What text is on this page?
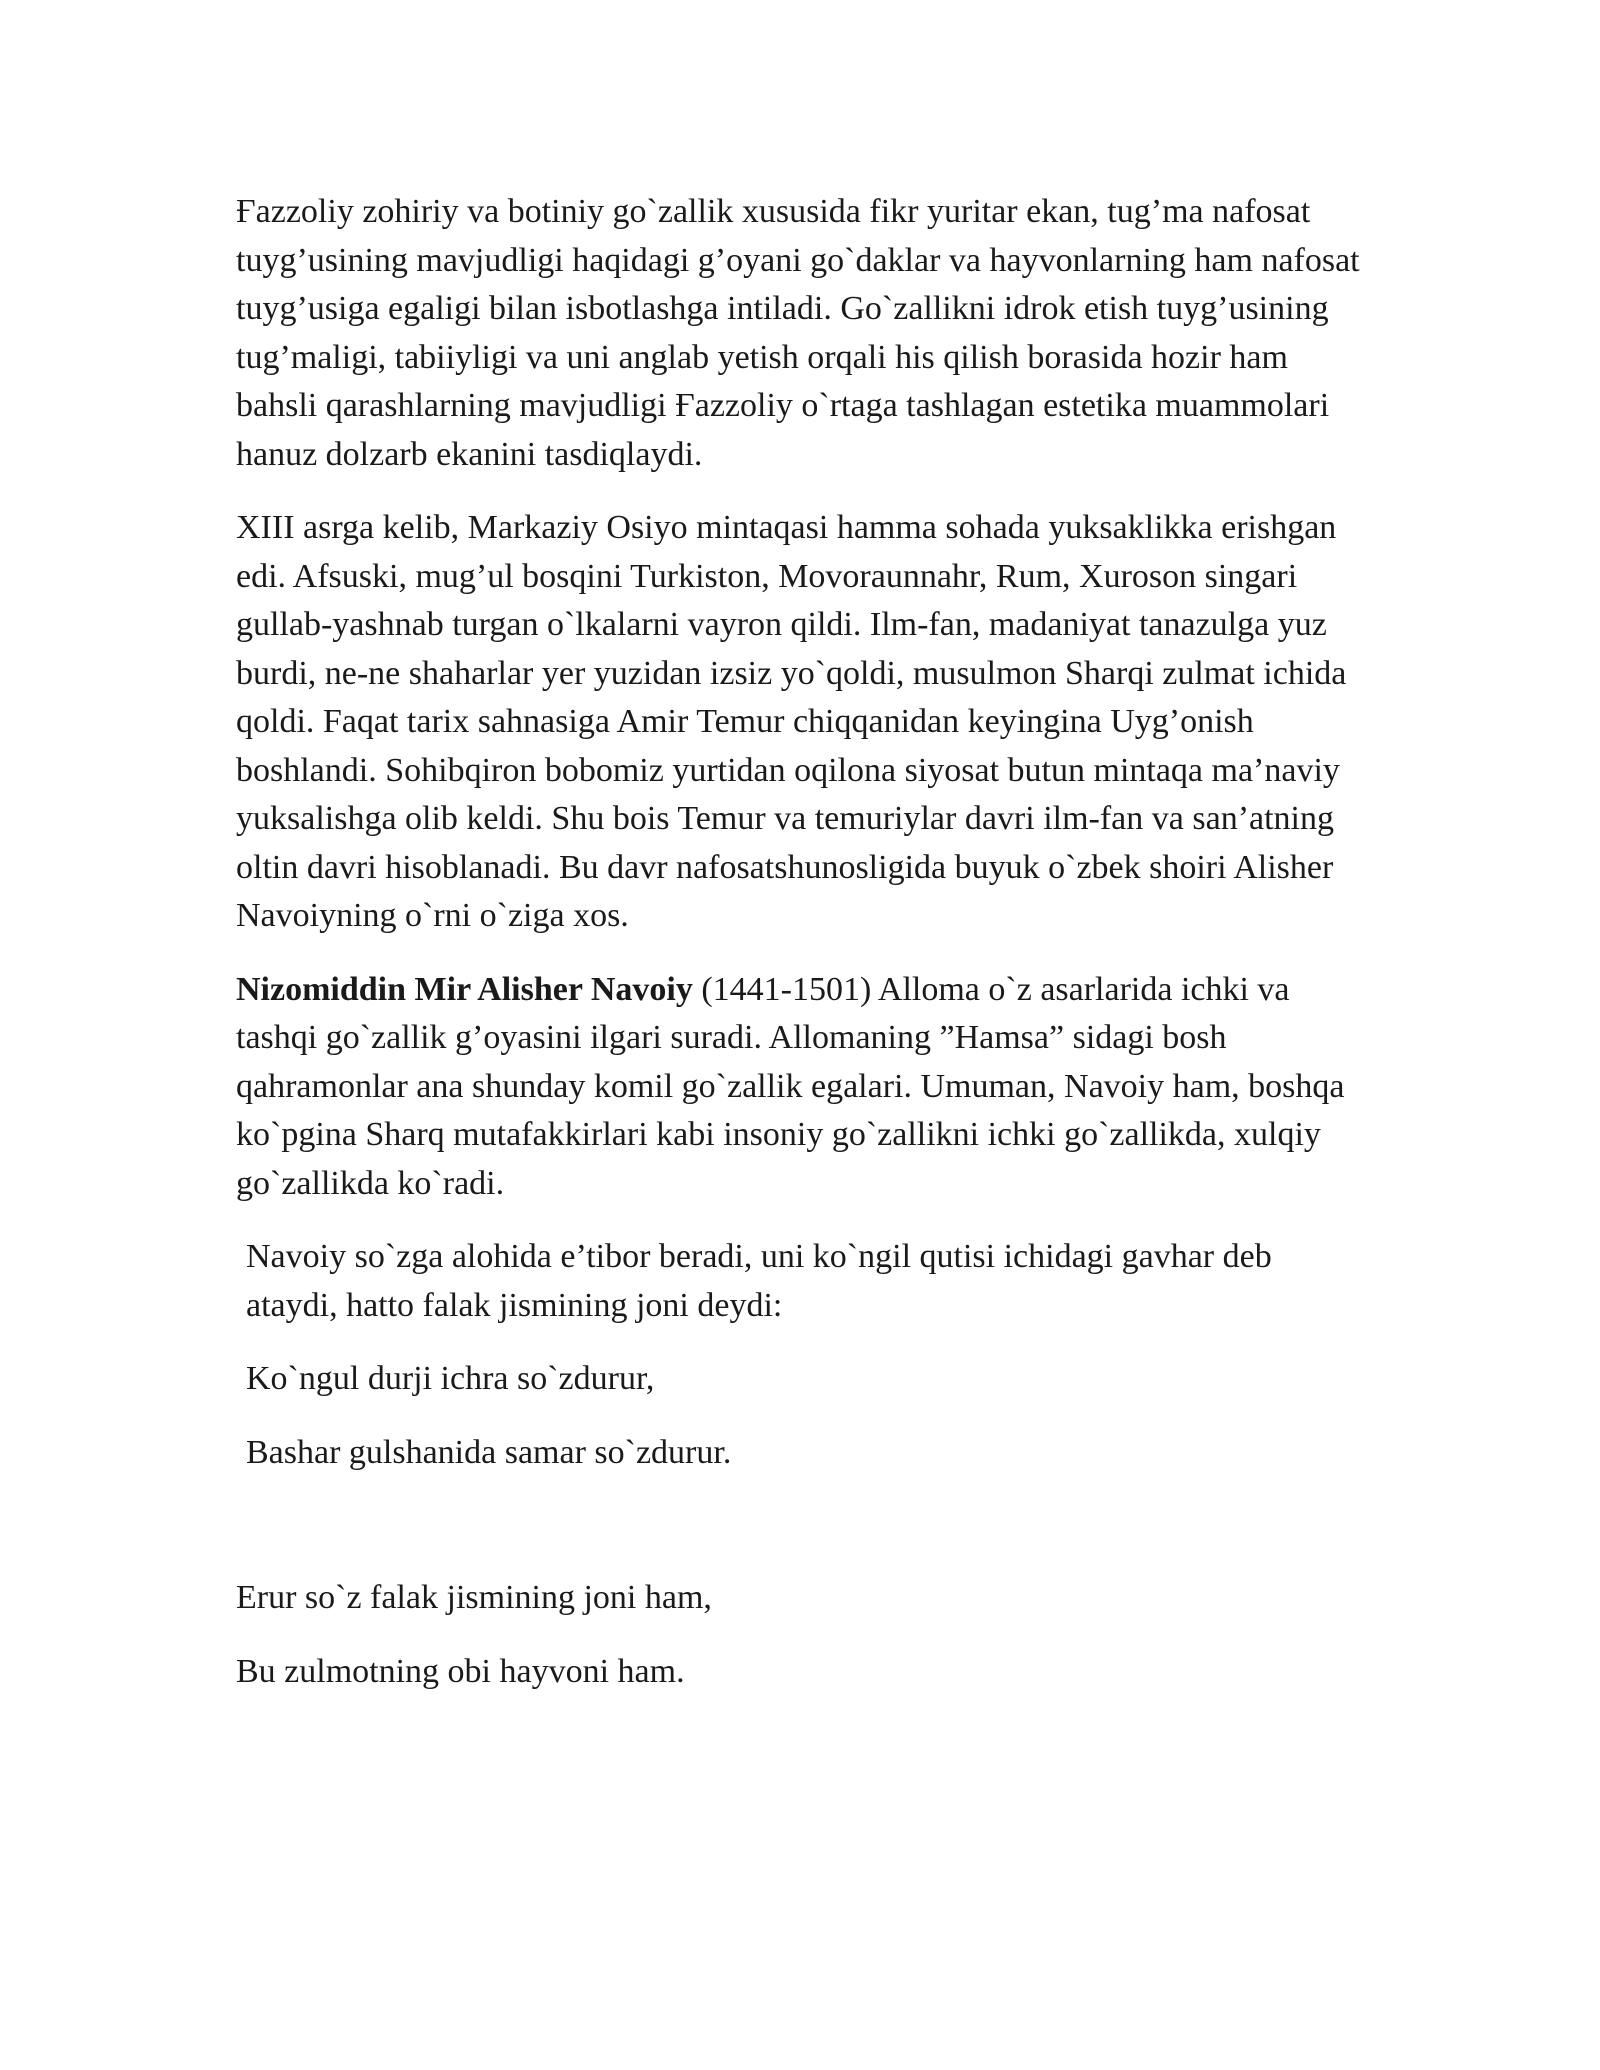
Ғazzoliy zohiriy va botiniy go`zallik xususida fikr yuritar ekan, tug’ma nafosat tuyg’usining mavjudligi haqidagi g’oyani go`daklar va hayvonlarning ham nafosat tuyg’usiga egaligi bilan isbotlashga intiladi. Go`zallikni idrok etish tuyg’usining tug’maligi, tabiiyligi va uni anglab yetish orqali his qilish borasida hozir ham bahsli qarashlarning mavjudligi Ғazzoliy o`rtaga tashlagan estetika muammolari hanuz dolzarb ekanini tasdiqlaydi.

XIII asrga kelib, Markaziy Osiyo mintaqasi hamma sohada yuksaklikka erishgan edi. Afsuski, mug’ul bosqini Turkiston, Movoraunnahr, Rum, Xuroson singari gullab-yashnab turgan o`lkalarni vayron qildi. Ilm-fan, madaniyat tanazulga yuz burdi, ne-ne shaharlar yer yuzidan izsiz yo`qoldi, musulmon Sharqi zulmat ichida qoldi. Faqat tarix sahnasiga Amir Temur chiqqanidan keyingina Uyg’onish boshlandi. Sohibqiron bobomiz yurtidan oqilona siyosat butun mintaqa ma’naviy yuksalishga olib keldi. Shu bois Temur va temuriylar davri ilm-fan va san’atning oltin davri hisoblanadi. Bu davr nafosatshunosligida buyuk o`zbek shoiri Alisher Navoiyning o`rni o`ziga xos.

Nizomiddin Mir Alisher Navoiy (1441-1501) Alloma o`z asarlarida ichki va tashqi go`zallik g’oyasini ilgari suradi. Allomaning ”Hamsa” sidagi bosh qahramonlar ana shunday komil go`zallik egalari. Umuman, Navoiy ham, boshqa ko`pgina Sharq mutafakkirlari kabi insoniy go`zallikni ichki go`zallikda, xulqiy go`zallikda ko`radi.

Navoiy so`zga alohida e’tibor beradi, uni ko`ngil qutisi ichidagi gavhar deb ataydi, hatto falak jismining joni deydi:

Ko`ngul durji ichra so`zdurur,

Bashar gulshanida samar so`zdurur.

Erur so`z falak jismining joni ham,

Bu zulmotning obi hayvoni ham.
